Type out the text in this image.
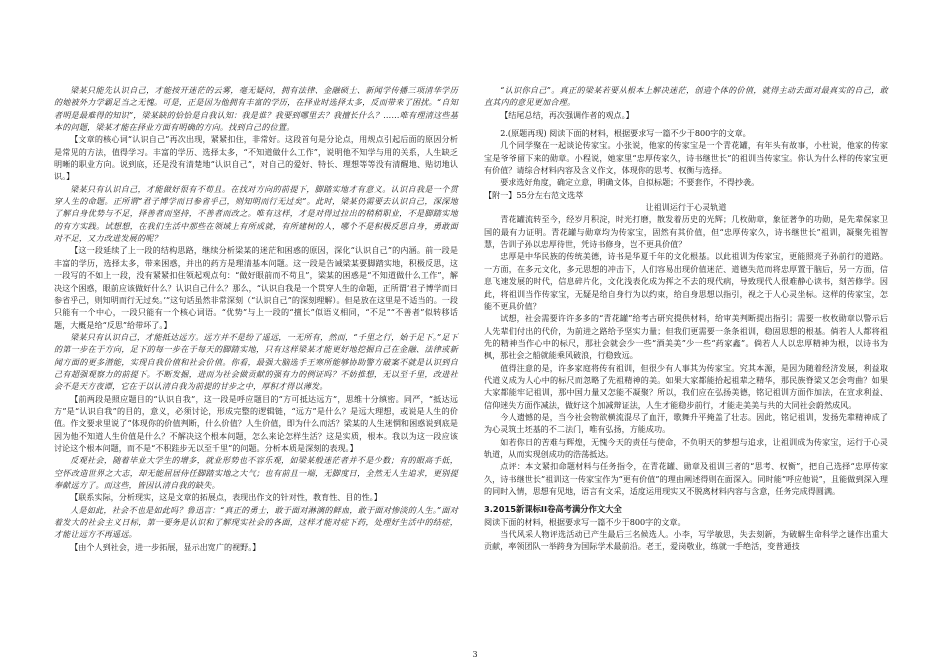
梁某只能先认识自己，才能按开迷茫的云雾，毫无疑问，拥有法律、金融硕士、新闻学传播三项清华学历的她被外力学霸足当之无愧。可是，正是因为他拥有丰富的学历，在择业时选择太多，反而带来了困扰。“自知者明是最难得的知识”，梁某缺的恰恰是自我认知：我是谁？我要到哪里去？我擅长什么？……唯有理清这些基本的问题，梁某才能在择业方面有明确的方向。找到自己的位置。

【文章的核心词“认识自己”再次出现，紧紧扣住，非常好。这段首句是分论点，用规点引起后面的原因分析是常见的方法，值得学习。丰富的学历、选择太多，“不知道做什么工作”，说明他不知学与用的关系，人生缺乏明晰的职业方向。说到底，还是没有清楚地“认识自己”，对自己的爱好、特长、理想等等没有清醒地、贴切地认识。】

梁某只有认识自己，才能做好很有不荀且。在找对方向的前提下，脚踏实地才有意义。认识自我是一个贯穿人生的命题。正所谓“君子博学而日参省乎己，则知明而行无过矣”。此时，梁某仍需要去认识自己，深深地了解自身优势与不足，择善者而坚持，不善者而改之。唯有这样，才是对得过拉出的稍稍职业，不是脚踏实地的有方实践。试想想，在我们生活中那些在领域上有所成就，有所建树的人，哪个不是积极反思自身，勇敢面对不足，又力改进发展的呢？

【这一段延续了上一段的结构思路，继续分析梁某的迷茫和困惑的原因，深化“认识自己”的内涵。前一段是丰富的学历，选择太多，带来困惑，并出的药方是理清基本问题。这一段是告诫梁某要脚踏实地，积极反思，这一段写的不如上一段，没有紧紧扣住领起观点句：“做好眼前而不苟且”，梁某的困惑是“不知道做什么工作”，解决这个困惑，眼前应该做好什么？认识自己什么？那么，“认识自我是一个贯穿人生的命题，正所谓‘君子博学而日参省乎己，则知明而行无过矣。’”这句话虽然非常深刻（“认识自己”的深刻理解）。但是放在这里是不适当的。一段只能有一个中心，一段只能有一个核心词语。“优势”与上一段的“擅长”似语义相同，“不足”“不善者”似转移话题，大概是给“反思”给带坏了。】

梁某只有认识自己，才能抵达远方。远方并不是纷了遥远，一无所有，然而，“千里之行，始于足下。”足下的第一步在于方向，足下的每一步在于每天的脚踏实地，只有这样梁某才能更好地挖掘自己在金融、法律或新闻方面的更多潜能，实现自我价值和社会价值。你看，最强大脑选手王寒所能够协助警方破案不就是认识到自己有超强观察力的前提下。不断发掘，进而为社会做贡献的强有力的例证吗？不妨推想，无以至千里，改进社会不是天方夜谭，它在于以认清自我为前提的甘步之中，厚积才得以薄发。

【前两段是照应题目的“认识自我”，这一段是呼应题目的“方可抵达远方”，思维十分缜密。同严，“抵达远方”是“认识自我”的目的，意义，必须讨论，形成完整的逻辑链，“远方”是什么？是远大理想，或说是人生的价值。作文要求里说了“体现你的价值判断，什么价值？人生价值，即为什么而活？梁某的人生迷惘和困惑说到底是因为他不知道人生价值是什么？不解决这个根本问题，怎么来论怎样生活？这是实质，根本。我以为这一段应该讨论这个根本问题，而不是“不积跬步无以至千里”的问题。分析本质是深刻的表现。】

反观社会，随着毕业大学生的增多，就业形势也不容乐观，如梁某般迷茫者并不是少数；有的眼高手低，空怀改造世界之大志，却无能屈居侍任脚踏实地之大气；也有前且一端，无脚度日，全然无人生追求，更别提奉献远方了。而这些，皆因认清自我的缺失。

【联系实际，分析现实，这是文章的拓展点，表现出作文的针对性，教育性、目的性。】

人是如此，社会不也是如此吗？鲁迅言：“真正的勇士，敢于面对淋漓的鲜血，敢于面对惨淡的人生。”面对着发大的社会主义日标，第一要务是认识和了解现实社会的各面，这样才能对症下药，处理好生活中的结症，才能让远方不再遥远。

【由个人到社会，进一步拓展，显示出宽广的视野。】

“认识你自己”。真正的梁某若要从根本上解决迷茫，创造个体的价值，就得主动去面对最真实的自己，敢直其内的意见更加合理。

【结尾总结，再次强调作者的观点。】

2.(原题再现) 阅读下面的材料，根据要求写一篇不少于800字的文章。

几个同学聚在一起谈论传家宝。小张说，他家的传家宝是一个青花罐，有年头有故事，小杜说，他家的传家宝是爷爷留下来的勋章。小程说，她家里“忠厚传家久，诗书继世长”的祖训当传家宝。你认为什么样的传家宝更有价值？请综合材料内容及含义作文，体现你的思考、权衡与选择。

要求选好角度，确定立意，明确文体，自拟标题；不要套作，不得抄袭。

【附一】55分左右范文选萃

让祖训运行于心灵轨道

青花罐流转至今，经岁月积淀，时光打磨，散发着历史的光辉；几枚勋章，象征著争的功勋，是先辈保家卫国的最有力证明。青花罐与勋章均为传家宝，固然有其价值，但“忠厚传家久，诗书继世长”祖训，凝聚先祖智慧，告训子孙以忠厚待世，凭诗书修身，岂不更具价值？

忠厚是中华民族的传统美德，诗书是华夏千年的文化根基。以此祖训为传家宝，更能照亮子孙前行的道路。一方面，在多元文化，多元思想的冲击下，人们容易出现价值迷茫、道德失范而将忠厚置于脑后，另一方面，信息飞速发展的时代，信息碎片化，文化浅表化成为挥之不去的现代病，导致现代人很难静心读书，刻苦修学。因此，将祖训当作传家宝，无疑是给自身行为以约束，给自身思想以指引，视之于人心灵坐标。这样的传家宝，怎能不更具价值？

试想，社会需要许许多多的“青花罐”给考古研究提供材料，给审美判断提出指引；需要一枚枚勋章以警示后人先辈们付出的代价，为前进之路给予坚实力量；但我们更需要一条条祖训，稳固思想的根基。倘若人人都将祖先的精神当作心中的标尺，那社会就会少一些“酒美美”少一些“药家鑫”。倘若人人以忠厚精神为根，以诗书为枫，那社会之船就能乘风破浪，行稳致远。

值得注意的是，许多家庭将传有祖训，但很少有人事其为传家宝。究其本源，是因为随着经济发展，利益取代道义成为人心中的标尺而忽略了先祖精神的美。如果大家都能拾起祖辈之精华，那民族脊梁又怎会弯曲？如果大家都能牢记祖训，那中国力量又怎能不凝聚？所以，我们应在弘扬美德，铭记祖训方面作加法，在宣求利益、信仰迷失方面作减法，做好这个加减辩证法，人生才能稳步前行，才能走美美与共的大同社会蔚然成风。

今人遗憾的是，当今社会物欲横流混尽了血汗，歌舞升平掩盖了壮志。因此，铭记祖训，发扬先辈精神成了为心灵筑土坯基的不二法门，唯有弘扬，方能成功。

如若你日的苦难与辉煌，无愧今天的责任与使命，不负明天的梦想与追求，让祖训成为传家宝，运行于心灵轨道，从而实现创成功的浩荡抵达。

点评：本文紧扣命题材料与任务指令，在青花罐、勋章及祖训三者的“思考、权衡”，把自己选择“忠厚传家久，诗书继世长”祖训这一传家宝作为“更有价值”的理由阐述得则在面深入。同时能“呼应他说”，且能做到深入理的同时入情，思想有见地，语言有文采，适度运用现实又不脱离材料内容与含意，任务完成得圆满。

3.2015新课标II卷高考满分作文大全

阅读下面的材料，根据要求写一篇不少于800字的文章。

当代风采人物评选活动已产生最后三名候选人。小李，写学敏思，失去刻新，为破解生命科学之谜作出重大贡献，率领团队一举跨身为国际学术最前沿。老王，爱岗敬业，练就一手绝活，变普通技

3
